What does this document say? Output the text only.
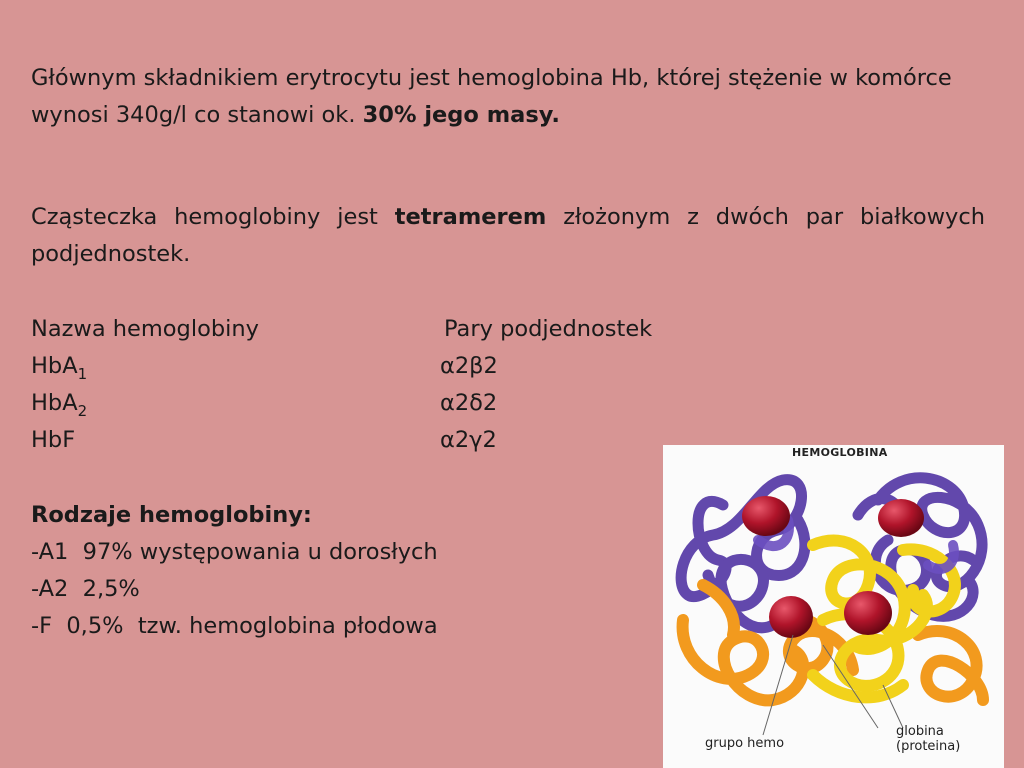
Głównym składnikiem erytrocytu jest hemoglobina Hb, której stężenie w komórce wynosi 340g/l co stanowi ok. 30% jego masy.

Cząsteczka hemoglobiny jest tetramerem złożonym z dwóch par białkowych podjednostek.

Nazwa hemoglobiny	Pary podjednostek
HbA$_1$	α2β2
HbA$_2$	α2δ2
HbF	α2γ2
Rodzaje hemoglobiny:
-A1  97% występowania u dorosłych
-A2  2,5%
-F  0,5%  tzw. hemoglobina płodowa
HEMOGLOBINA
grupo hemo
globina
(proteina)
